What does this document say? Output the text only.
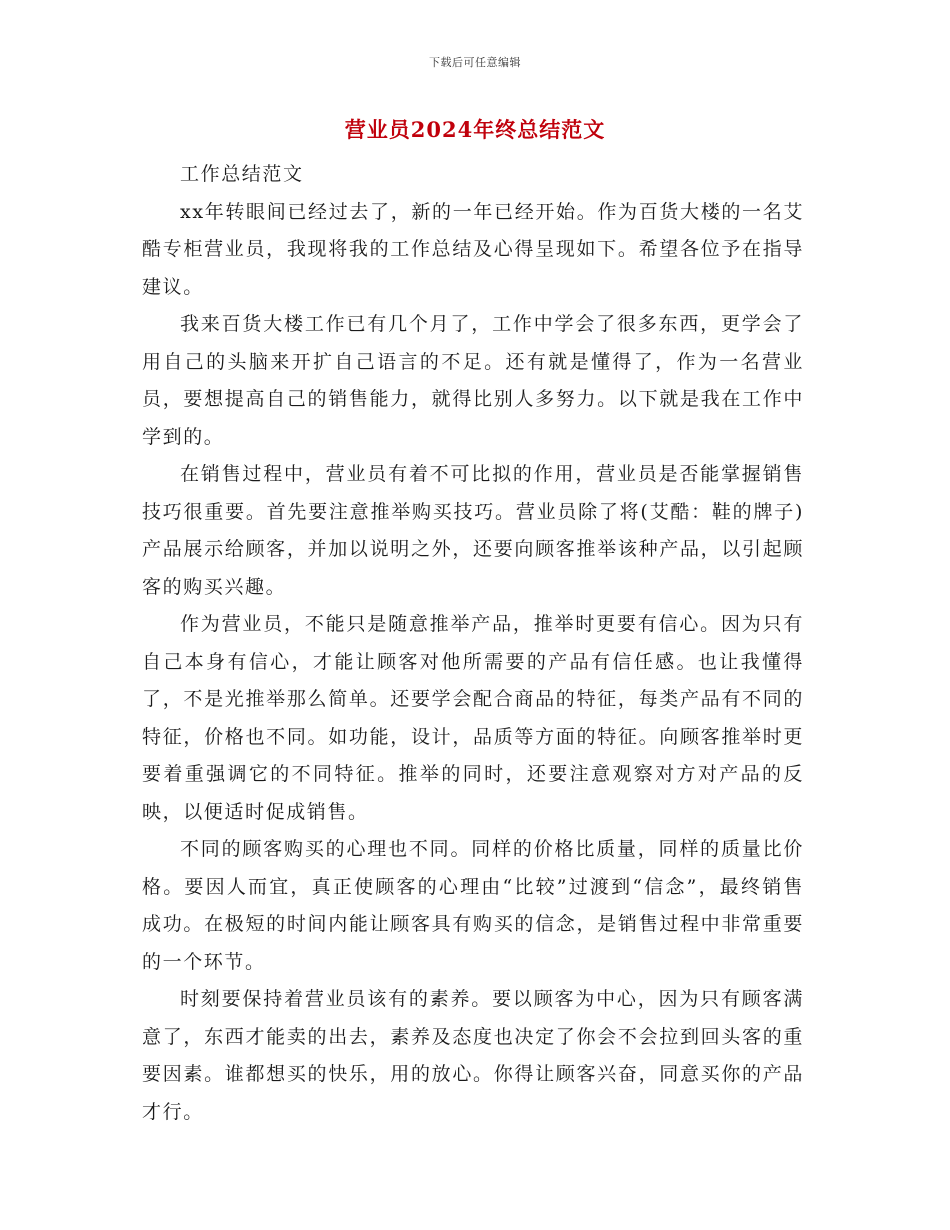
下载后可任意编辑
营业员2024年终总结范文

工作总结范文

xx年转眼间已经过去了，新的一年已经开始。作为百货大楼的一名艾酷专柜营业员，我现将我的工作总结及心得呈现如下。希望各位予在指导建议。

我来百货大楼工作已有几个月了，工作中学会了很多东西，更学会了用自己的头脑来开扩自己语言的不足。还有就是懂得了，作为一名营业员，要想提高自己的销售能力，就得比别人多努力。以下就是我在工作中学到的。

在销售过程中，营业员有着不可比拟的作用，营业员是否能掌握销售技巧很重要。首先要注意推举购买技巧。营业员除了将(艾酷：鞋的牌子)产品展示给顾客，并加以说明之外，还要向顾客推举该种产品，以引起顾客的购买兴趣。

作为营业员，不能只是随意推举产品，推举时更要有信心。因为只有自己本身有信心，才能让顾客对他所需要的产品有信任感。也让我懂得了，不是光推举那么简单。还要学会配合商品的特征，每类产品有不同的特征，价格也不同。如功能，设计，品质等方面的特征。向顾客推举时更要着重强调它的不同特征。推举的同时，还要注意观察对方对产品的反映，以便适时促成销售。

不同的顾客购买的心理也不同。同样的价格比质量，同样的质量比价格。要因人而宜，真正使顾客的心理由“比较”过渡到“信念”，最终销售成功。在极短的时间内能让顾客具有购买的信念，是销售过程中非常重要的一个环节。

时刻要保持着营业员该有的素养。要以顾客为中心，因为只有顾客满意了，东西才能卖的出去，素养及态度也决定了你会不会拉到回头客的重要因素。谁都想买的快乐，用的放心。你得让顾客兴奋，同意买你的产品才行。
